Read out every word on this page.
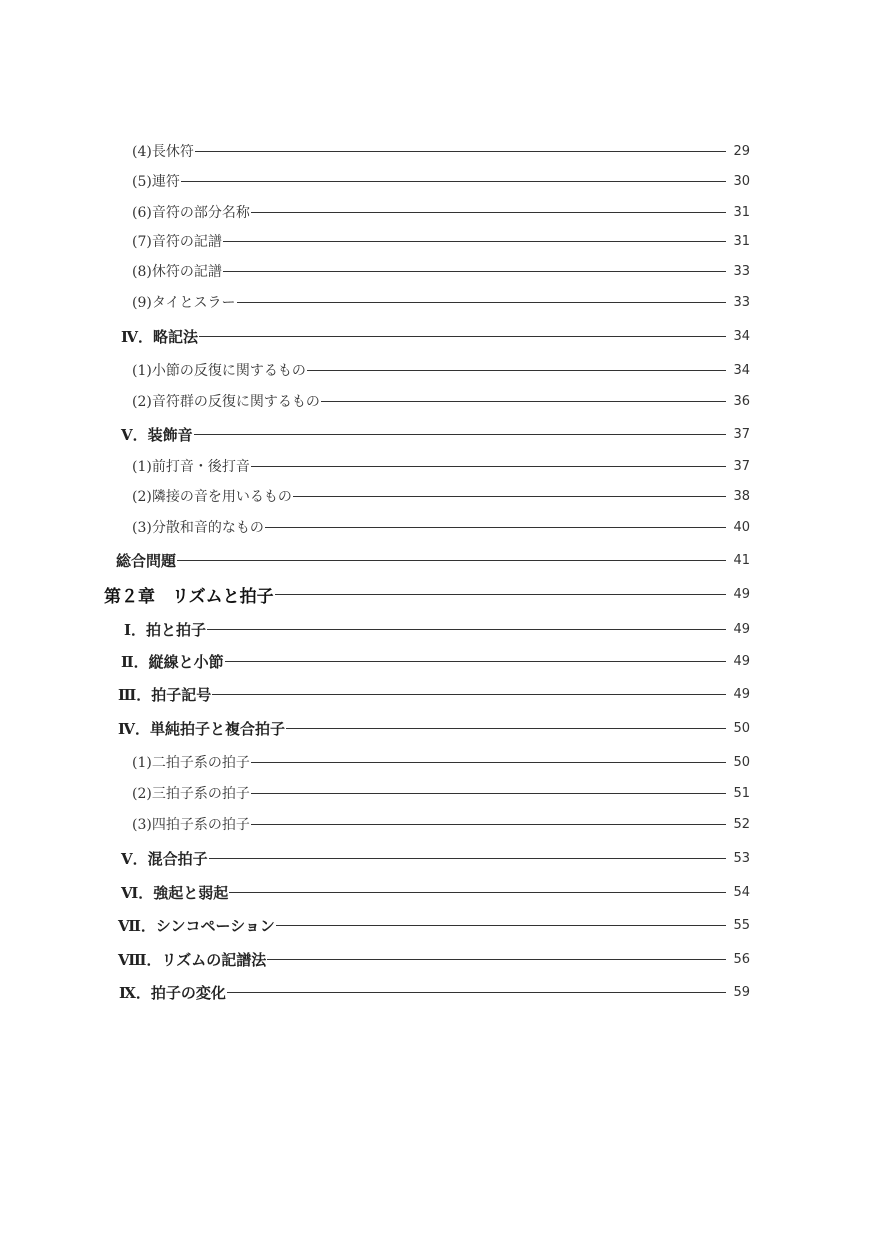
(4)長休符	29
(5)連符	30
(6)音符の部分名称	31
(7)音符の記譜	31
(8)休符の記譜	33
(9)タイとスラー	33
Ⅳ．略記法	34
(1)小節の反復に関するもの	34
(2)音符群の反復に関するもの	36
Ⅴ．装飾音	37
(1)前打音・後打音	37
(2)隣接の音を用いるもの	38
(3)分散和音的なもの	40
総合問題	41
第２章　リズムと拍子	49
Ⅰ．拍と拍子	49
Ⅱ．縦線と小節	49
Ⅲ．拍子記号	49
Ⅳ．単純拍子と複合拍子	50
(1)二拍子系の拍子	50
(2)三拍子系の拍子	51
(3)四拍子系の拍子	52
Ⅴ．混合拍子	53
Ⅵ．強起と弱起	54
Ⅶ．シンコペーション	55
Ⅷ．リズムの記譜法	56
Ⅸ．拍子の変化	59
